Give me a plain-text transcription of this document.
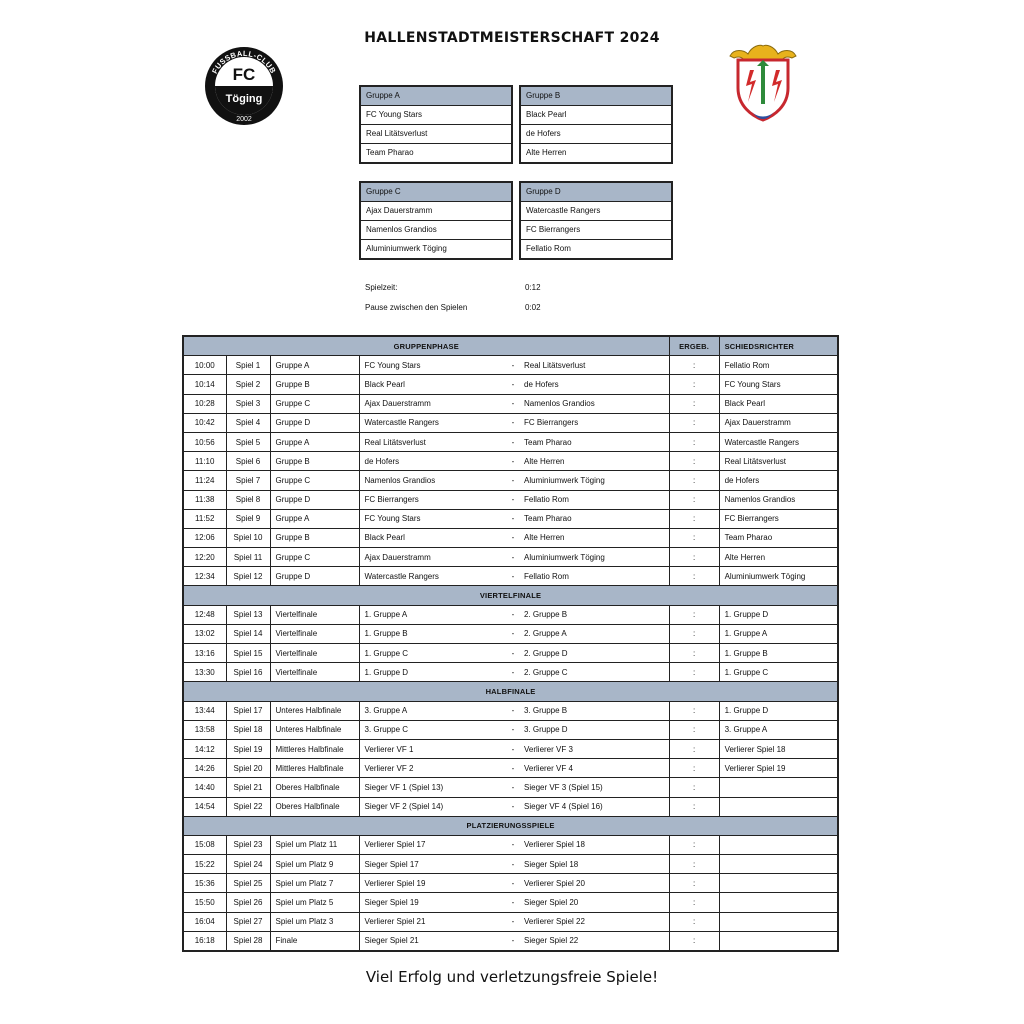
HALLENSTADTMEISTERSCHAFT 2024
FUSSBALL-CLUB
FC
Töging
2002
Gruppe A
FC Young Stars
Real Litätsverlust
Team Pharao
Gruppe B
Black Pearl
de Hofers
Alte Herren
Gruppe C
Ajax Dauerstramm
Namenlos Grandios
Aluminiumwerk Töging
Gruppe D
Watercastle Rangers
FC Bierrangers
Fellatio Rom
Spielzeit:	0:12
Pause zwischen den Spielen	0:02
GRUPPENPHASE						ERGEB.	SCHIEDSRICHTER
10:00	Spiel 1	Gruppe A	FC Young Stars	-	Real Litätsverlust	:	Fellatio Rom
10:14	Spiel 2	Gruppe B	Black Pearl	-	de Hofers	:	FC Young Stars
10:28	Spiel 3	Gruppe C	Ajax Dauerstramm	-	Namenlos Grandios	:	Black Pearl
10:42	Spiel 4	Gruppe D	Watercastle Rangers	-	FC Bierrangers	:	Ajax Dauerstramm
10:56	Spiel 5	Gruppe A	Real Litätsverlust	-	Team Pharao	:	Watercastle Rangers
11:10	Spiel 6	Gruppe B	de Hofers	-	Alte Herren	:	Real Litätsverlust
11:24	Spiel 7	Gruppe C	Namenlos Grandios	-	Aluminiumwerk Töging	:	de Hofers
11:38	Spiel 8	Gruppe D	FC Bierrangers	-	Fellatio Rom	:	Namenlos Grandios
11:52	Spiel 9	Gruppe A	FC Young Stars	-	Team Pharao	:	FC Bierrangers
12:06	Spiel 10	Gruppe B	Black Pearl	-	Alte Herren	:	Team Pharao
12:20	Spiel 11	Gruppe C	Ajax Dauerstramm	-	Aluminiumwerk Töging	:	Alte Herren
12:34	Spiel 12	Gruppe D	Watercastle Rangers	-	Fellatio Rom	:	Aluminiumwerk Töging
VIERTELFINALE							
12:48	Spiel 13	Viertelfinale	1. Gruppe A	-	2. Gruppe B	:	1. Gruppe D
13:02	Spiel 14	Viertelfinale	1. Gruppe B	-	2. Gruppe A	:	1. Gruppe A
13:16	Spiel 15	Viertelfinale	1. Gruppe C	-	2. Gruppe D	:	1. Gruppe B
13:30	Spiel 16	Viertelfinale	1. Gruppe D	-	2. Gruppe C	:	1. Gruppe C
HALBFINALE							
13:44	Spiel 17	Unteres Halbfinale	3. Gruppe A	-	3. Gruppe B	:	1. Gruppe D
13:58	Spiel 18	Unteres Halbfinale	3. Gruppe C	-	3. Gruppe D	:	3. Gruppe A
14:12	Spiel 19	Mittleres Halbfinale	Verlierer VF 1	-	Verlierer VF 3	:	Verlierer Spiel 18
14:26	Spiel 20	Mittleres Halbfinale	Verlierer VF 2	-	Verlierer VF 4	:	Verlierer Spiel 19
14:40	Spiel 21	Oberes Halbfinale	Sieger VF 1 (Spiel 13)	-	Sieger VF 3 (Spiel 15)	:	
14:54	Spiel 22	Oberes Halbfinale	Sieger VF 2 (Spiel 14)	-	Sieger VF 4 (Spiel 16)	:	
PLATZIERUNGSSPIELE							
15:08	Spiel 23	Spiel um Platz 11	Verlierer Spiel 17	-	Verlierer Spiel 18	:	
15:22	Spiel 24	Spiel um Platz 9	Sieger Spiel 17	-	Sieger Spiel 18	:	
15:36	Spiel 25	Spiel um Platz 7	Verlierer Spiel 19	-	Verlierer Spiel 20	:	
15:50	Spiel 26	Spiel um Platz 5	Sieger Spiel 19	-	Sieger Spiel 20	:	
16:04	Spiel 27	Spiel um Platz 3	Verlierer Spiel 21	-	Verlierer Spiel 22	:	
16:18	Spiel 28	Finale	Sieger Spiel 21	-	Sieger Spiel 22	:	
Viel Erfolg und verletzungsfreie Spiele!
